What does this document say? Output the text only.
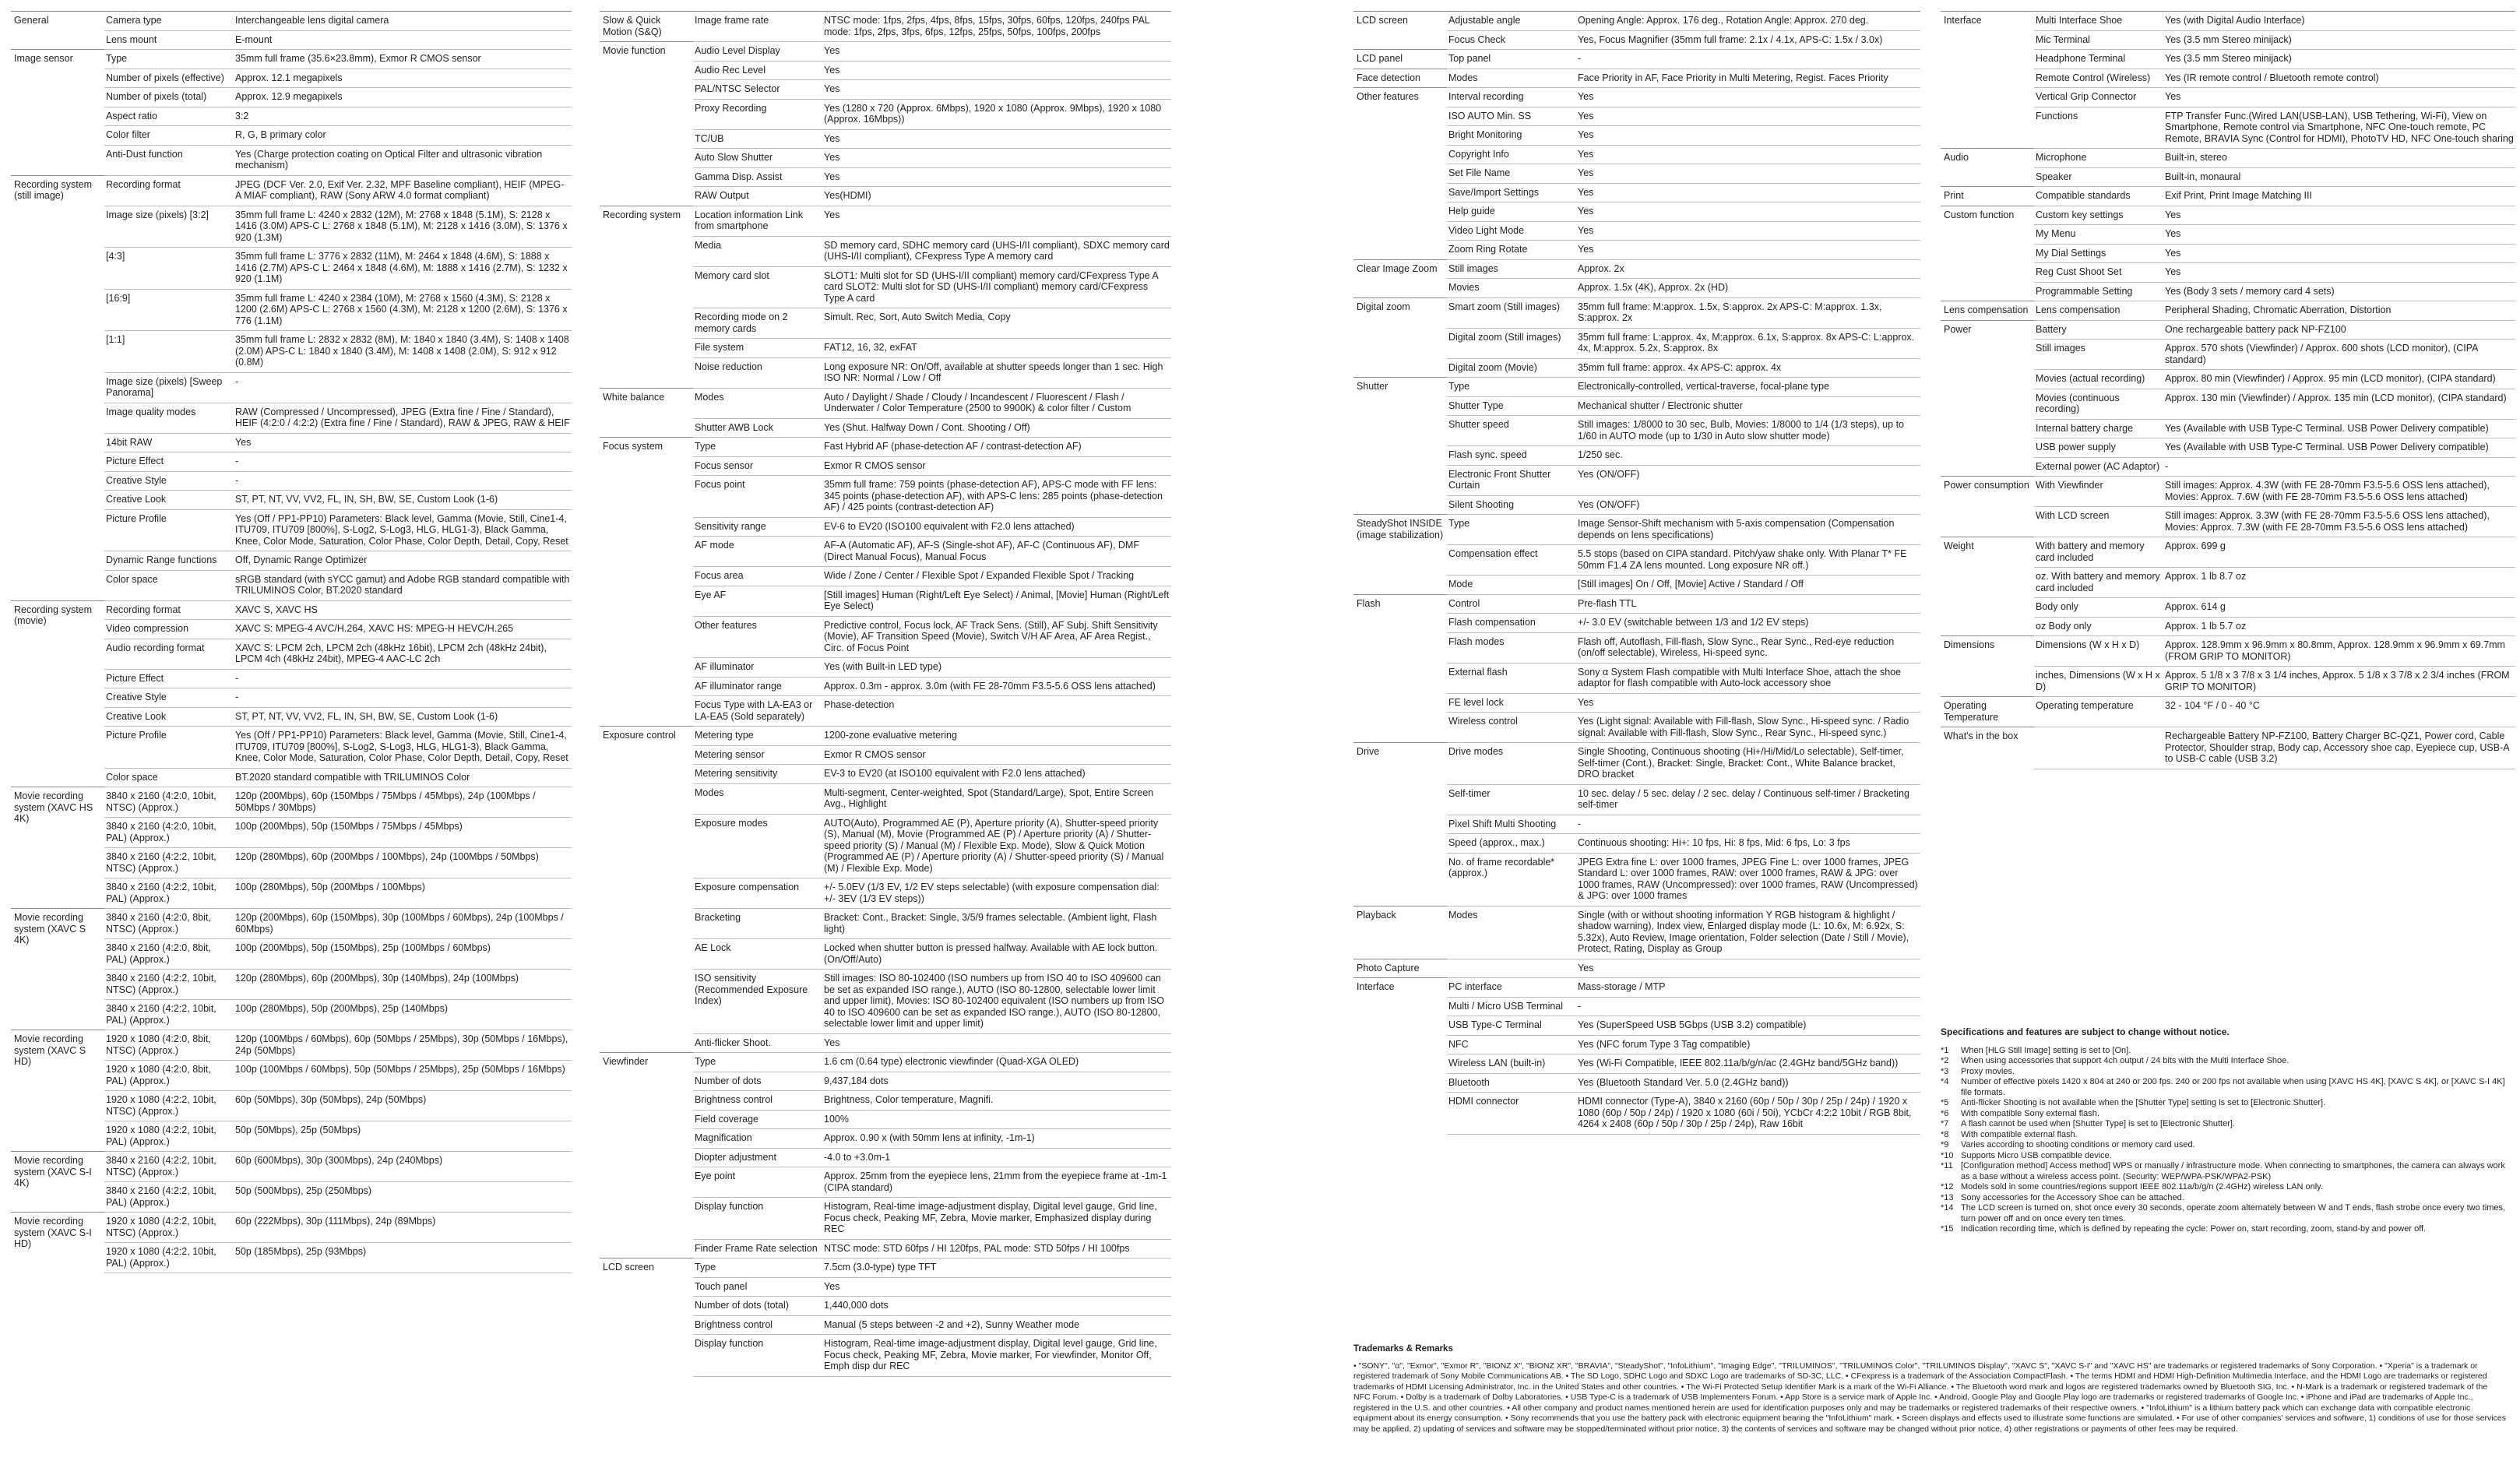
General	Camera type	Interchangeable lens digital camera
	Lens mount	E-mount
Image sensor	Type	35mm full frame (35.6×23.8mm), Exmor R CMOS sensor
	Number of pixels (effective)	Approx. 12.1 megapixels
	Number of pixels (total)	Approx. 12.9 megapixels
	Aspect ratio	3:2
	Color filter	R, G, B primary color
	Anti-Dust function	Yes (Charge protection coating on Optical Filter and ultrasonic vibration mechanism)
Recording system (still image)	Recording format	JPEG (DCF Ver. 2.0, Exif Ver. 2.32, MPF Baseline compliant), HEIF (MPEG-A MIAF compliant), RAW (Sony ARW 4.0 format compliant)
	Image size (pixels) [3:2]	35mm full frame L: 4240 x 2832 (12M), M: 2768 x 1848 (5.1M), S: 2128 x 1416 (3.0M) APS-C L: 2768 x 1848 (5.1M), M: 2128 x 1416 (3.0M), S: 1376 x 920 (1.3M)
	[4:3]	35mm full frame L: 3776 x 2832 (11M), M: 2464 x 1848 (4.6M), S: 1888 x 1416 (2.7M) APS-C L: 2464 x 1848 (4.6M), M: 1888 x 1416 (2.7M), S: 1232 x 920 (1.1M)
	[16:9]	35mm full frame L: 4240 x 2384 (10M), M: 2768 x 1560 (4.3M), S: 2128 x 1200 (2.6M) APS-C L: 2768 x 1560 (4.3M), M: 2128 x 1200 (2.6M), S: 1376 x 776 (1.1M)
	[1:1]	35mm full frame L: 2832 x 2832 (8M), M: 1840 x 1840 (3.4M), S: 1408 x 1408 (2.0M) APS-C L: 1840 x 1840 (3.4M), M: 1408 x 1408 (2.0M), S: 912 x 912 (0.8M)
	Image size (pixels) [Sweep Panorama]	-
	Image quality modes	RAW (Compressed / Uncompressed), JPEG (Extra fine / Fine / Standard), HEIF (4:2:0 / 4:2:2) (Extra fine / Fine / Standard), RAW & JPEG, RAW & HEIF
	14bit RAW	Yes
	Picture Effect	-
	Creative Style	-
	Creative Look	ST, PT, NT, VV, VV2, FL, IN, SH, BW, SE, Custom Look (1-6)
	Picture Profile	Yes (Off / PP1-PP10) Parameters: Black level, Gamma (Movie, Still, Cine1-4, ITU709, ITU709 [800%], S-Log2, S-Log3, HLG, HLG1-3), Black Gamma, Knee, Color Mode, Saturation, Color Phase, Color Depth, Detail, Copy, Reset
	Dynamic Range functions	Off, Dynamic Range Optimizer
	Color space	sRGB standard (with sYCC gamut) and Adobe RGB standard compatible with TRILUMINOS Color, BT.2020 standard
Recording system (movie)	Recording format	XAVC S, XAVC HS
	Video compression	XAVC S: MPEG-4 AVC/H.264, XAVC HS: MPEG-H HEVC/H.265
	Audio recording format	XAVC S: LPCM 2ch, LPCM 2ch (48kHz 16bit), LPCM 2ch (48kHz 24bit), LPCM 4ch (48kHz 24bit), MPEG-4 AAC-LC 2ch
	Picture Effect	-
	Creative Style	-
	Creative Look	ST, PT, NT, VV, VV2, FL, IN, SH, BW, SE, Custom Look (1-6)
	Picture Profile	Yes (Off / PP1-PP10) Parameters: Black level, Gamma (Movie, Still, Cine1-4, ITU709, ITU709 [800%], S-Log2, S-Log3, HLG, HLG1-3), Black Gamma, Knee, Color Mode, Saturation, Color Phase, Color Depth, Detail, Copy, Reset
	Color space	BT.2020 standard compatible with TRILUMINOS Color
Movie recording system (XAVC HS 4K)	3840 x 2160 (4:2:0, 10bit, NTSC) (Approx.)	120p (200Mbps), 60p (150Mbps / 75Mbps / 45Mbps), 24p (100Mbps / 50Mbps / 30Mbps)
	3840 x 2160 (4:2:0, 10bit, PAL) (Approx.)	100p (200Mbps), 50p (150Mbps / 75Mbps / 45Mbps)
	3840 x 2160 (4:2:2, 10bit, NTSC) (Approx.)	120p (280Mbps), 60p (200Mbps / 100Mbps), 24p (100Mbps / 50Mbps)
	3840 x 2160 (4:2:2, 10bit, PAL) (Approx.)	100p (280Mbps), 50p (200Mbps / 100Mbps)
Movie recording system (XAVC S 4K)	3840 x 2160 (4:2:0, 8bit, NTSC) (Approx.)	120p (200Mbps), 60p (150Mbps), 30p (100Mbps / 60Mbps), 24p (100Mbps / 60Mbps)
	3840 x 2160 (4:2:0, 8bit, PAL) (Approx.)	100p (200Mbps), 50p (150Mbps), 25p (100Mbps / 60Mbps)
	3840 x 2160 (4:2:2, 10bit, NTSC) (Approx.)	120p (280Mbps), 60p (200Mbps), 30p (140Mbps), 24p (100Mbps)
	3840 x 2160 (4:2:2, 10bit, PAL) (Approx.)	100p (280Mbps), 50p (200Mbps), 25p (140Mbps)
Movie recording system (XAVC S HD)	1920 x 1080 (4:2:0, 8bit, NTSC) (Approx.)	120p (100Mbps / 60Mbps), 60p (50Mbps / 25Mbps), 30p (50Mbps / 16Mbps), 24p (50Mbps)
	1920 x 1080 (4:2:0, 8bit, PAL) (Approx.)	100p (100Mbps / 60Mbps), 50p (50Mbps / 25Mbps), 25p (50Mbps / 16Mbps)
	1920 x 1080 (4:2:2, 10bit, NTSC) (Approx.)	60p (50Mbps), 30p (50Mbps), 24p (50Mbps)
	1920 x 1080 (4:2:2, 10bit, PAL) (Approx.)	50p (50Mbps), 25p (50Mbps)
Movie recording system (XAVC S-I 4K)	3840 x 2160 (4:2:2, 10bit, NTSC) (Approx.)	60p (600Mbps), 30p (300Mbps), 24p (240Mbps)
	3840 x 2160 (4:2:2, 10bit, PAL) (Approx.)	50p (500Mbps), 25p (250Mbps)
Movie recording system (XAVC S-I HD)	1920 x 1080 (4:2:2, 10bit, NTSC) (Approx.)	60p (222Mbps), 30p (111Mbps), 24p (89Mbps)
	1920 x 1080 (4:2:2, 10bit, PAL) (Approx.)	50p (185Mbps), 25p (93Mbps)
Slow & Quick Motion (S&Q)	Image frame rate	NTSC mode: 1fps, 2fps, 4fps, 8fps, 15fps, 30fps, 60fps, 120fps, 240fps PAL mode: 1fps, 2fps, 3fps, 6fps, 12fps, 25fps, 50fps, 100fps, 200fps
Movie function	Audio Level Display	Yes
	Audio Rec Level	Yes
	PAL/NTSC Selector	Yes
	Proxy Recording	Yes (1280 x 720 (Approx. 6Mbps), 1920 x 1080 (Approx. 9Mbps), 1920 x 1080 (Approx. 16Mbps))
	TC/UB	Yes
	Auto Slow Shutter	Yes
	Gamma Disp. Assist	Yes
	RAW Output	Yes(HDMI)
Recording system	Location information Link from smartphone	Yes
	Media	SD memory card, SDHC memory card (UHS-I/II compliant), SDXC memory card (UHS-I/II compliant), CFexpress Type A memory card
	Memory card slot	SLOT1: Multi slot for SD (UHS-I/II compliant) memory card/CFexpress Type A card SLOT2: Multi slot for SD (UHS-I/II compliant) memory card/CFexpress Type A card
	Recording mode on 2 memory cards	Simult. Rec, Sort, Auto Switch Media, Copy
	File system	FAT12, 16, 32, exFAT
	Noise reduction	Long exposure NR: On/Off, available at shutter speeds longer than 1 sec. High ISO NR: Normal / Low / Off
White balance	Modes	Auto / Daylight / Shade / Cloudy / Incandescent / Fluorescent / Flash / Underwater / Color Temperature (2500 to 9900K) & color filter / Custom
	Shutter AWB Lock	Yes (Shut. Halfway Down / Cont. Shooting / Off)
Focus system	Type	Fast Hybrid AF (phase-detection AF / contrast-detection AF)
	Focus sensor	Exmor R CMOS sensor
	Focus point	35mm full frame: 759 points (phase-detection AF), APS-C mode with FF lens: 345 points (phase-detection AF), with APS-C lens: 285 points (phase-detection AF) / 425 points (contrast-detection AF)
	Sensitivity range	EV-6 to EV20 (ISO100 equivalent with F2.0 lens attached)
	AF mode	AF-A (Automatic AF), AF-S (Single-shot AF), AF-C (Continuous AF), DMF (Direct Manual Focus), Manual Focus
	Focus area	Wide / Zone / Center / Flexible Spot / Expanded Flexible Spot / Tracking
	Eye AF	[Still images] Human (Right/Left Eye Select) / Animal, [Movie] Human (Right/Left Eye Select)
	Other features	Predictive control, Focus lock, AF Track Sens. (Still), AF Subj. Shift Sensitivity (Movie), AF Transition Speed (Movie), Switch V/H AF Area, AF Area Regist., Circ. of Focus Point
	AF illuminator	Yes (with Built-in LED type)
	AF illuminator range	Approx. 0.3m - approx. 3.0m (with FE 28-70mm F3.5-5.6 OSS lens attached)
	Focus Type with LA-EA3 or LA-EA5 (Sold separately)	Phase-detection
Exposure control	Metering type	1200-zone evaluative metering
	Metering sensor	Exmor R CMOS sensor
	Metering sensitivity	EV-3 to EV20 (at ISO100 equivalent with F2.0 lens attached)
	Modes	Multi-segment, Center-weighted, Spot (Standard/Large), Spot, Entire Screen Avg., Highlight
	Exposure modes	AUTO(Auto), Programmed AE (P), Aperture priority (A), Shutter-speed priority (S), Manual (M), Movie (Programmed AE (P) / Aperture priority (A) / Shutter-speed priority (S) / Manual (M) / Flexible Exp. Mode), Slow & Quick Motion (Programmed AE (P) / Aperture priority (A) / Shutter-speed priority (S) / Manual (M) / Flexible Exp. Mode)
	Exposure compensation	+/- 5.0EV (1/3 EV, 1/2 EV steps selectable) (with exposure compensation dial: +/- 3EV (1/3 EV steps))
	Bracketing	Bracket: Cont., Bracket: Single, 3/5/9 frames selectable. (Ambient light, Flash light)
	AE Lock	Locked when shutter button is pressed halfway. Available with AE lock button. (On/Off/Auto)
	ISO sensitivity (Recommended Exposure Index)	Still images: ISO 80-102400 (ISO numbers up from ISO 40 to ISO 409600 can be set as expanded ISO range.), AUTO (ISO 80-12800, selectable lower limit and upper limit), Movies: ISO 80-102400 equivalent (ISO numbers up from ISO 40 to ISO 409600 can be set as expanded ISO range.), AUTO (ISO 80-12800, selectable lower limit and upper limit)
	Anti-flicker Shoot.	Yes
Viewfinder	Type	1.6 cm (0.64 type) electronic viewfinder (Quad-XGA OLED)
	Number of dots	9,437,184 dots
	Brightness control	Brightness, Color temperature, Magnifi.
	Field coverage	100%
	Magnification	Approx. 0.90 x (with 50mm lens at infinity, -1m-1)
	Diopter adjustment	-4.0 to +3.0m-1
	Eye point	Approx. 25mm from the eyepiece lens, 21mm from the eyepiece frame at -1m-1 (CIPA standard)
	Display function	Histogram, Real-time image-adjustment display, Digital level gauge, Grid line, Focus check, Peaking MF, Zebra, Movie marker, Emphasized display during REC
	Finder Frame Rate selection	NTSC mode: STD 60fps / HI 120fps, PAL mode: STD 50fps / HI 100fps
LCD screen	Type	7.5cm (3.0-type) type TFT
	Touch panel	Yes
	Number of dots (total)	1,440,000 dots
	Brightness control	Manual (5 steps between -2 and +2), Sunny Weather mode
	Display function	Histogram, Real-time image-adjustment display, Digital level gauge, Grid line, Focus check, Peaking MF, Zebra, Movie marker, For viewfinder, Monitor Off, Emph disp dur REC
LCD screen	Adjustable angle	Opening Angle: Approx. 176 deg., Rotation Angle: Approx. 270 deg.
	Focus Check	Yes, Focus Magnifier (35mm full frame: 2.1x / 4.1x, APS-C: 1.5x / 3.0x)
LCD panel	Top panel	-
Face detection	Modes	Face Priority in AF, Face Priority in Multi Metering, Regist. Faces Priority
Other features	Interval recording	Yes
	ISO AUTO Min. SS	Yes
	Bright Monitoring	Yes
	Copyright Info	Yes
	Set File Name	Yes
	Save/Import Settings	Yes
	Help guide	Yes
	Video Light Mode	Yes
	Zoom Ring Rotate	Yes
Clear Image Zoom	Still images	Approx. 2x
	Movies	Approx. 1.5x (4K), Approx. 2x (HD)
Digital zoom	Smart zoom (Still images)	35mm full frame: M:approx. 1.5x, S:approx. 2x APS-C: M:approx. 1.3x, S:approx. 2x
	Digital zoom (Still images)	35mm full frame: L:approx. 4x, M:approx. 6.1x, S:approx. 8x APS-C: L:approx. 4x, M:approx. 5.2x, S:approx. 8x
	Digital zoom (Movie)	35mm full frame: approx. 4x APS-C: approx. 4x
Shutter	Type	Electronically-controlled, vertical-traverse, focal-plane type
	Shutter Type	Mechanical shutter / Electronic shutter
	Shutter speed	Still images: 1/8000 to 30 sec, Bulb, Movies: 1/8000 to 1/4 (1/3 steps), up to 1/60 in AUTO mode (up to 1/30 in Auto slow shutter mode)
	Flash sync. speed	1/250 sec.
	Electronic Front Shutter Curtain	Yes (ON/OFF)
	Silent Shooting	Yes (ON/OFF)
SteadyShot INSIDE (image stabilization)	Type	Image Sensor-Shift mechanism with 5-axis compensation (Compensation depends on lens specifications)
	Compensation effect	5.5 stops (based on CIPA standard. Pitch/yaw shake only. With Planar T* FE 50mm F1.4 ZA lens mounted. Long exposure NR off.)
	Mode	[Still images] On / Off, [Movie] Active / Standard / Off
Flash	Control	Pre-flash TTL
	Flash compensation	+/- 3.0 EV (switchable between 1/3 and 1/2 EV steps)
	Flash modes	Flash off, Autoflash, Fill-flash, Slow Sync., Rear Sync., Red-eye reduction (on/off selectable), Wireless, Hi-speed sync.
	External flash	Sony α System Flash compatible with Multi Interface Shoe, attach the shoe adaptor for flash compatible with Auto-lock accessory shoe
	FE level lock	Yes
	Wireless control	Yes (Light signal: Available with Fill-flash, Slow Sync., Hi-speed sync. / Radio signal: Available with Fill-flash, Slow Sync., Rear Sync., Hi-speed sync.)
Drive	Drive modes	Single Shooting, Continuous shooting (Hi+/Hi/Mid/Lo selectable), Self-timer, Self-timer (Cont.), Bracket: Single, Bracket: Cont., White Balance bracket, DRO bracket
	Self-timer	10 sec. delay / 5 sec. delay / 2 sec. delay / Continuous self-timer / Bracketing self-timer
	Pixel Shift Multi Shooting	-
	Speed (approx., max.)	Continuous shooting: Hi+: 10 fps, Hi: 8 fps, Mid: 6 fps, Lo: 3 fps
	No. of frame recordable* (approx.)	JPEG Extra fine L: over 1000 frames, JPEG Fine L: over 1000 frames, JPEG Standard L: over 1000 frames, RAW: over 1000 frames, RAW & JPG: over 1000 frames, RAW (Uncompressed): over 1000 frames, RAW (Uncompressed) & JPG: over 1000 frames
Playback	Modes	Single (with or without shooting information Y RGB histogram & highlight / shadow warning), Index view, Enlarged display mode (L: 10.6x, M: 6.92x, S: 5.32x), Auto Review, Image orientation, Folder selection (Date / Still / Movie), Protect, Rating, Display as Group
Photo Capture		Yes
Interface	PC interface	Mass-storage / MTP
	Multi / Micro USB Terminal	-
	USB Type-C Terminal	Yes (SuperSpeed USB 5Gbps (USB 3.2) compatible)
	NFC	Yes (NFC forum Type 3 Tag compatible)
	Wireless LAN (built-in)	Yes (Wi-Fi Compatible, IEEE 802.11a/b/g/n/ac (2.4GHz band/5GHz band))
	Bluetooth	Yes (Bluetooth Standard Ver. 5.0 (2.4GHz band))
	HDMI connector	HDMI connector (Type-A), 3840 x 2160 (60p / 50p / 30p / 25p / 24p) / 1920 x 1080 (60p / 50p / 24p) / 1920 x 1080 (60i / 50i), YCbCr 4:2:2 10bit / RGB 8bit, 4264 x 2408 (60p / 50p / 30p / 25p / 24p), Raw 16bit
Interface	Multi Interface Shoe	Yes (with Digital Audio Interface)
	Mic Terminal	Yes (3.5 mm Stereo minijack)
	Headphone Terminal	Yes (3.5 mm Stereo minijack)
	Remote Control (Wireless)	Yes (IR remote control / Bluetooth remote control)
	Vertical Grip Connector	Yes
	Functions	FTP Transfer Func.(Wired LAN(USB-LAN), USB Tethering, Wi-Fi), View on Smartphone, Remote control via Smartphone, NFC One-touch remote, PC Remote, BRAVIA Sync (Control for HDMI), PhotoTV HD, NFC One-touch sharing
Audio	Microphone	Built-in, stereo
	Speaker	Built-in, monaural
Print	Compatible standards	Exif Print, Print Image Matching III
Custom function	Custom key settings	Yes
	My Menu	Yes
	My Dial Settings	Yes
	Reg Cust Shoot Set	Yes
	Programmable Setting	Yes (Body 3 sets / memory card 4 sets)
Lens compensation	Lens compensation	Peripheral Shading, Chromatic Aberration, Distortion
Power	Battery	One rechargeable battery pack NP-FZ100
	Still images	Approx. 570 shots (Viewfinder) / Approx. 600 shots (LCD monitor), (CIPA standard)
	Movies (actual recording)	Approx. 80 min (Viewfinder) / Approx. 95 min (LCD monitor), (CIPA standard)
	Movies (continuous recording)	Approx. 130 min (Viewfinder) / Approx. 135 min (LCD monitor), (CIPA standard)
	Internal battery charge	Yes (Available with USB Type-C Terminal. USB Power Delivery compatible)
	USB power supply	Yes (Available with USB Type-C Terminal. USB Power Delivery compatible)
	External power (AC Adaptor)	-
Power consumption	With Viewfinder	Still images: Approx. 4.3W (with FE 28-70mm F3.5-5.6 OSS lens attached), Movies: Approx. 7.6W (with FE 28-70mm F3.5-5.6 OSS lens attached)
	With LCD screen	Still images: Approx. 3.3W (with FE 28-70mm F3.5-5.6 OSS lens attached), Movies: Approx. 7.3W (with FE 28-70mm F3.5-5.6 OSS lens attached)
Weight	With battery and memory card included	Approx. 699 g
	oz. With battery and memory card included	Approx. 1 lb 8.7 oz
	Body only	Approx. 614 g
	oz Body only	Approx. 1 lb 5.7 oz
Dimensions	Dimensions (W x H x D)	Approx. 128.9mm x 96.9mm x 80.8mm, Approx. 128.9mm x 96.9mm x 69.7mm (FROM GRIP TO MONITOR)
	inches, Dimensions (W x H x D)	Approx. 5 1/8 x 3 7/8 x 3 1/4 inches, Approx. 5 1/8 x 3 7/8 x 2 3/4 inches (FROM GRIP TO MONITOR)
Operating Temperature	Operating temperature	32 - 104 °F / 0 - 40 °C
What's in the box		Rechargeable Battery NP-FZ100, Battery Charger BC-QZ1, Power cord, Cable Protector, Shoulder strap, Body cap, Accessory shoe cap, Eyepiece cup, USB-A to USB-C cable (USB 3.2)
Specifications and features are subject to change without notice.
*1	When [HLG Still Image] setting is set to [On].
*2	When using accessories that support 4ch output / 24 bits with the Multi Interface Shoe.
*3	Proxy movies.
*4	Number of effective pixels 1420 x 804 at 240 or 200 fps. 240 or 200 fps not available when using [XAVC HS 4K], [XAVC S 4K], or [XAVC S-I 4K] file formats.
*5	Anti-flicker Shooting is not available when the [Shutter Type] setting is set to [Electronic Shutter].
*6	With compatible Sony external flash.
*7	A flash cannot be used when [Shutter Type] is set to [Electronic Shutter].
*8	With compatible external flash.
*9	Varies according to shooting conditions or memory card used.
*10 Supports Micro USB compatible device.
*11 [Configuration method] Access method] WPS or manually / infrastructure mode. When connecting to smartphones, the camera can always work as a base without a wireless access point. (Security: WEP/WPA-PSK/WPA2-PSK)
*12 Models sold in some countries/regions support IEEE 802.11a/b/g/n (2.4GHz) wireless LAN only.
*13 Sony accessories for the Accessory Shoe can be attached.
*14 The LCD screen is turned on, shot once every 30 seconds, operate zoom alternately between W and T ends, flash strobe once every two times, turn power off and on once every ten times.
*15 Indication recording time, which is defined by repeating the cycle: Power on, start recording, zoom, stand-by and power off.
Trademarks & Remarks
• "SONY", "α", "Exmor", "Exmor R", "BIONZ X", "BIONZ XR", "BRAVIA", "SteadyShot", "InfoLithium", "Imaging Edge", "TRILUMINOS", "TRILUMINOS Color", "TRILUMINOS Display", "XAVC S", "XAVC S-I" and "XAVC HS" are trademarks or registered trademarks of Sony Corporation. • "Xperia" is a trademark or registered trademark of Sony Mobile Communications AB. • The SD Logo, SDHC Logo and SDXC Logo are trademarks of SD-3C, LLC. • CFexpress is a trademark of the Association CompactFlash. • The terms HDMI and HDMI High-Definition Multimedia Interface, and the HDMI Logo are trademarks or registered trademarks of HDMI Licensing Administrator, Inc. in the United States and other countries. • The Wi-Fi Protected Setup Identifier Mark is a mark of the Wi-Fi Alliance. • The Bluetooth word mark and logos are registered trademarks owned by Bluetooth SIG, Inc. • N-Mark is a trademark or registered trademark of the NFC Forum. • Dolby is a trademark of Dolby Laboratories. • USB Type-C is a trademark of USB Implementers Forum. • App Store is a service mark of Apple Inc. • Android, Google Play and Google Play logo are trademarks or registered trademarks of Google Inc. • iPhone and iPad are trademarks of Apple Inc., registered in the U.S. and other countries. • All other company and product names mentioned herein are used for identification purposes only and may be trademarks or registered trademarks of their respective owners. • "InfoLithium" is a lithium battery pack which can exchange data with compatible electronic equipment about its energy consumption. • Sony recommends that you use the battery pack with electronic equipment bearing the "InfoLithium" mark. • Screen displays and effects used to illustrate some functions are simulated. • For use of other companies' services and software, 1) conditions of use for those services may be applied, 2) updating of services and software may be stopped/terminated without prior notice, 3) the contents of services and software may be changed without prior notice, 4) other registrations or payments of other fees may be required.
